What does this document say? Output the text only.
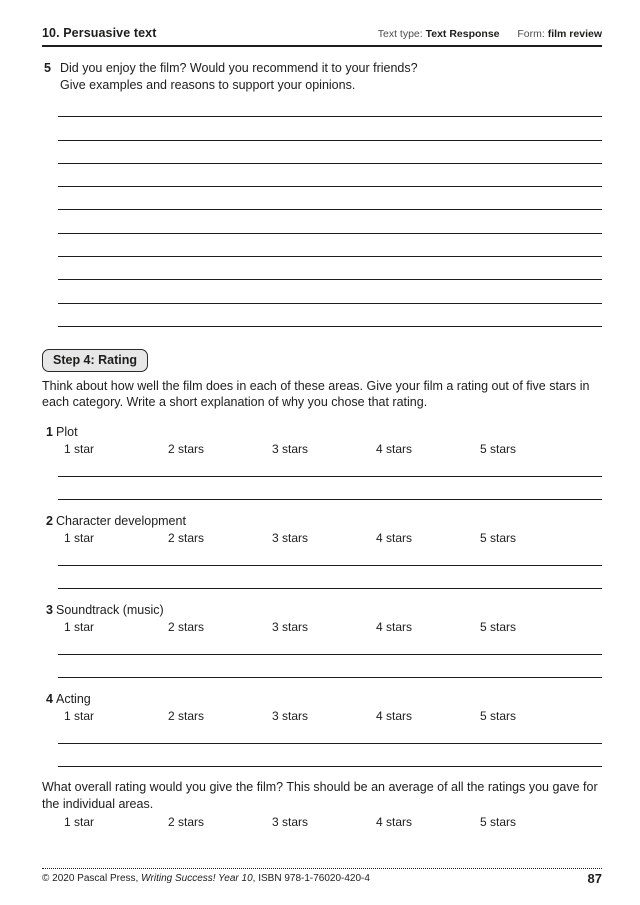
10. Persuasive text	Text type: Text Response Form: film review
5 Did you enjoy the film? Would you recommend it to your friends?
Give examples and reasons to support your opinions.
Step 4: Rating

Think about how well the film does in each of these areas. Give your film a rating out of five stars in each category. Write a short explanation of why you chose that rating.

1 Plot
1 star	2 stars	3 stars	4 stars	5 stars
2 Character development
1 star	2 stars	3 stars	4 stars	5 stars
3 Soundtrack (music)
1 star	2 stars	3 stars	4 stars	5 stars
4 Acting
1 star	2 stars	3 stars	4 stars	5 stars

What overall rating would you give the film? This should be an average of all the ratings you gave for the individual areas.

1 star	2 stars	3 stars	4 stars	5 stars
© 2020 Pascal Press, Writing Success! Year 10, ISBN 978-1-76020-420-4	87
